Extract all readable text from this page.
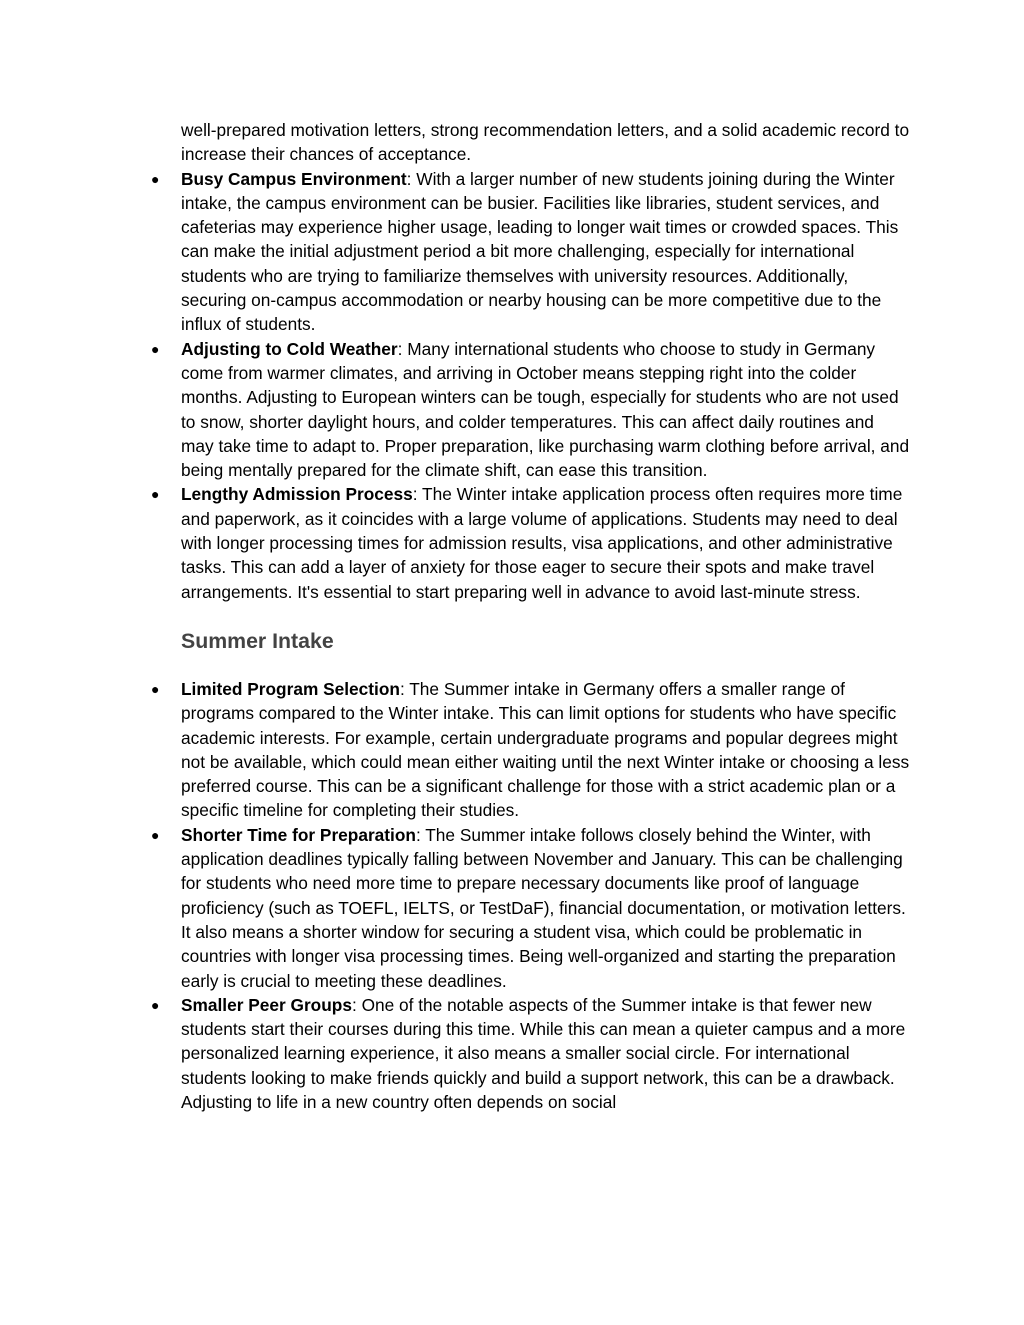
well-prepared motivation letters, strong recommendation letters, and a solid academic record to increase their chances of acceptance.

● Busy Campus Environment: With a larger number of new students joining during the Winter intake, the campus environment can be busier. Facilities like libraries, student services, and cafeterias may experience higher usage, leading to longer wait times or crowded spaces. This can make the initial adjustment period a bit more challenging, especially for international students who are trying to familiarize themselves with university resources. Additionally, securing on-campus accommodation or nearby housing can be more competitive due to the influx of students.
● Adjusting to Cold Weather: Many international students who choose to study in Germany come from warmer climates, and arriving in October means stepping right into the colder months. Adjusting to European winters can be tough, especially for students who are not used to snow, shorter daylight hours, and colder temperatures. This can affect daily routines and may take time to adapt to. Proper preparation, like purchasing warm clothing before arrival, and being mentally prepared for the climate shift, can ease this transition.
● Lengthy Admission Process: The Winter intake application process often requires more time and paperwork, as it coincides with a large volume of applications. Students may need to deal with longer processing times for admission results, visa applications, and other administrative tasks. This can add a layer of anxiety for those eager to secure their spots and make travel arrangements. It's essential to start preparing well in advance to avoid last-minute stress.
Summer Intake
● Limited Program Selection: The Summer intake in Germany offers a smaller range of programs compared to the Winter intake. This can limit options for students who have specific academic interests. For example, certain undergraduate programs and popular degrees might not be available, which could mean either waiting until the next Winter intake or choosing a less preferred course. This can be a significant challenge for those with a strict academic plan or a specific timeline for completing their studies.
● Shorter Time for Preparation: The Summer intake follows closely behind the Winter, with application deadlines typically falling between November and January. This can be challenging for students who need more time to prepare necessary documents like proof of language proficiency (such as TOEFL, IELTS, or TestDaF), financial documentation, or motivation letters. It also means a shorter window for securing a student visa, which could be problematic in countries with longer visa processing times. Being well-organized and starting the preparation early is crucial to meeting these deadlines.
● Smaller Peer Groups: One of the notable aspects of the Summer intake is that fewer new students start their courses during this time. While this can mean a quieter campus and a more personalized learning experience, it also means a smaller social circle. For international students looking to make friends quickly and build a support network, this can be a drawback. Adjusting to life in a new country often depends on social
